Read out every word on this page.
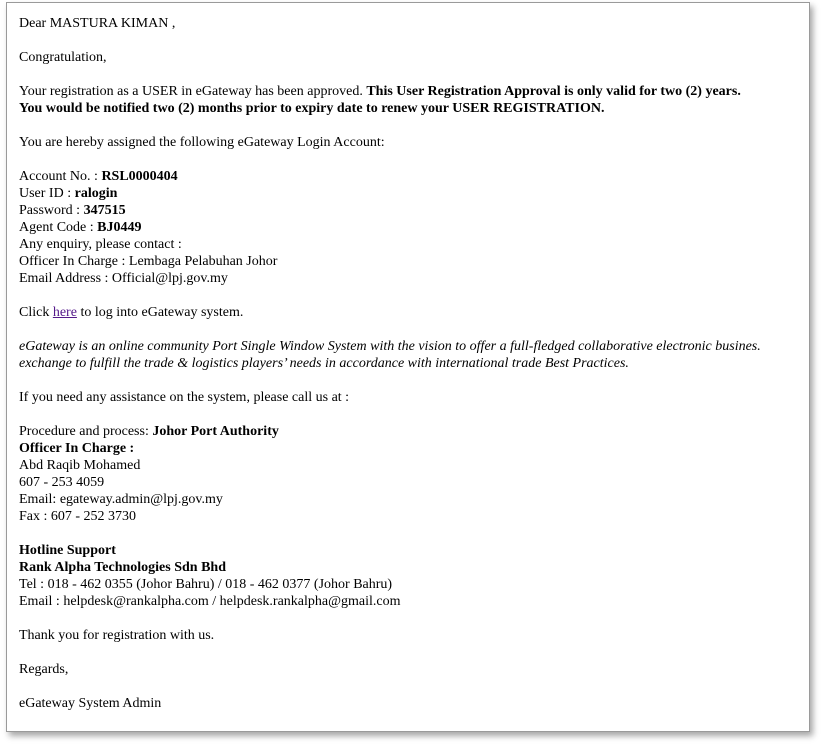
Dear MASTURA KIMAN ,

Congratulation,

Your registration as a USER in eGateway has been approved. This User Registration Approval is only valid for two (2) years.
You would be notified two (2) months prior to expiry date to renew your USER REGISTRATION.

You are hereby assigned the following eGateway Login Account:

Account No. : RSL0000404
User ID : ralogin
Password : 347515
Agent Code : BJ0449
Any enquiry, please contact :
Officer In Charge : Lembaga Pelabuhan Johor
Email Address : Official@lpj.gov.my

Click here to log into eGateway system.

eGateway is an online community Port Single Window System with the vision to offer a full-fledged collaborative electronic busines.
exchange to fulfill the trade & logistics players’ needs in accordance with international trade Best Practices.

If you need any assistance on the system, please call us at :

Procedure and process: Johor Port Authority
Officer In Charge :
Abd Raqib Mohamed
607 - 253 4059
Email: egateway.admin@lpj.gov.my
Fax : 607 - 252 3730

Hotline Support
Rank Alpha Technologies Sdn Bhd
Tel : 018 - 462 0355 (Johor Bahru) / 018 - 462 0377 (Johor Bahru)
Email : helpdesk@rankalpha.com / helpdesk.rankalpha@gmail.com

Thank you for registration with us.

Regards,

eGateway System Admin
